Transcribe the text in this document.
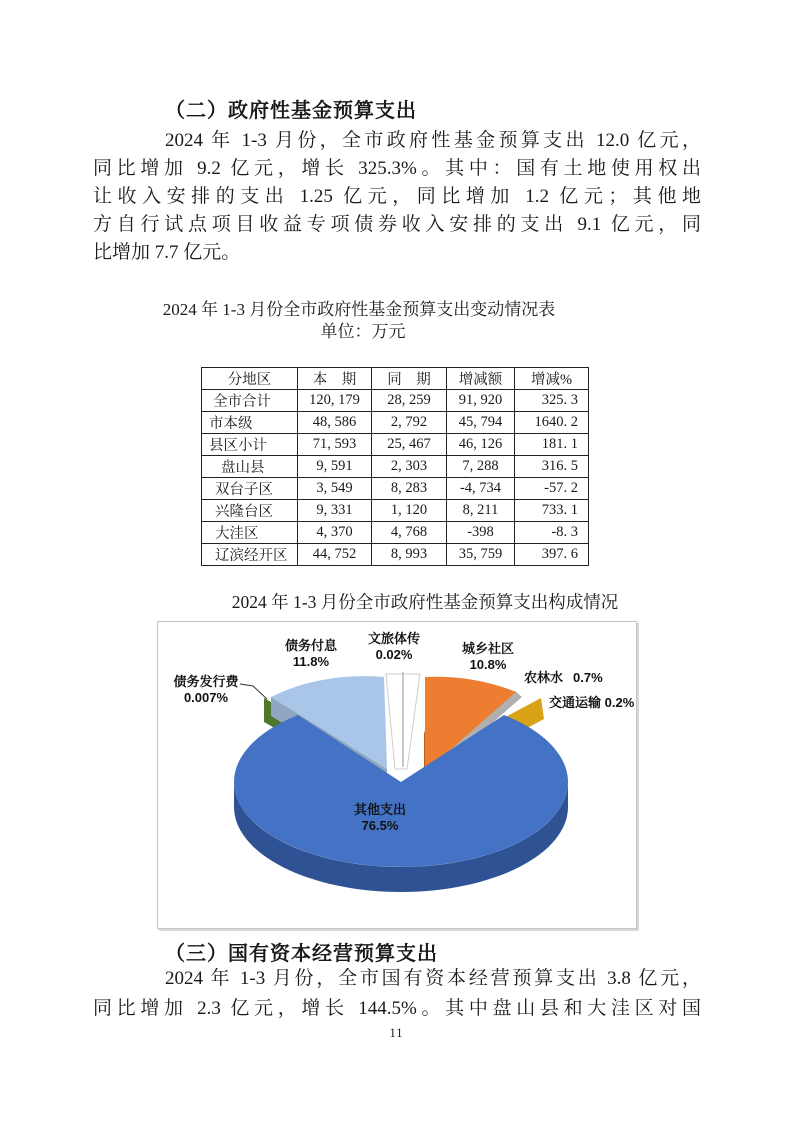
（二）政府性基金预算支出
2024 年 1-3 月份，全市政府性基金预算支出 12.0 亿元，
同比增加 9.2 亿元，增长 325.3%。其中：国有土地使用权出
让收入安排的支出 1.25 亿元，同比增加 1.2 亿元；其他地
方自行试点项目收益专项债券收入安排的支出 9.1 亿元，同
比增加 7.7 亿元。
2024 年 1-3 月份全市政府性基金预算支出变动情况表
单位：万元
分地区	本　期	同　期	增减额	增减%
全市合计	120, 179	28, 259	91, 920	325. 3
市本级	48, 586	2, 792	45, 794	1640. 2
县区小计	71, 593	25, 467	46, 126	181. 1
盘山县	9, 591	2, 303	7, 288	316. 5
双台子区	3, 549	8, 283	-4, 734	-57. 2
兴隆台区	9, 331	1, 120	8, 211	733. 1
大洼区	4, 370	4, 768	-398	-8. 3
辽滨经开区	44, 752	8, 993	35, 759	397. 6
2024 年 1-3 月份全市政府性基金预算支出构成情况
债务付息
11.8%
文旅体传
0.02%	城乡社区
10.8%
农林水 0.7%
交通运输 0.2%
债务发行费
0.007%
其他支出
76.5%
（三）国有资本经营预算支出
2024 年 1-3 月份，全市国有资本经营预算支出 3.8 亿元，
同比增加 2.3 亿元，增长 144.5%。其中盘山县和大洼区对国
11
